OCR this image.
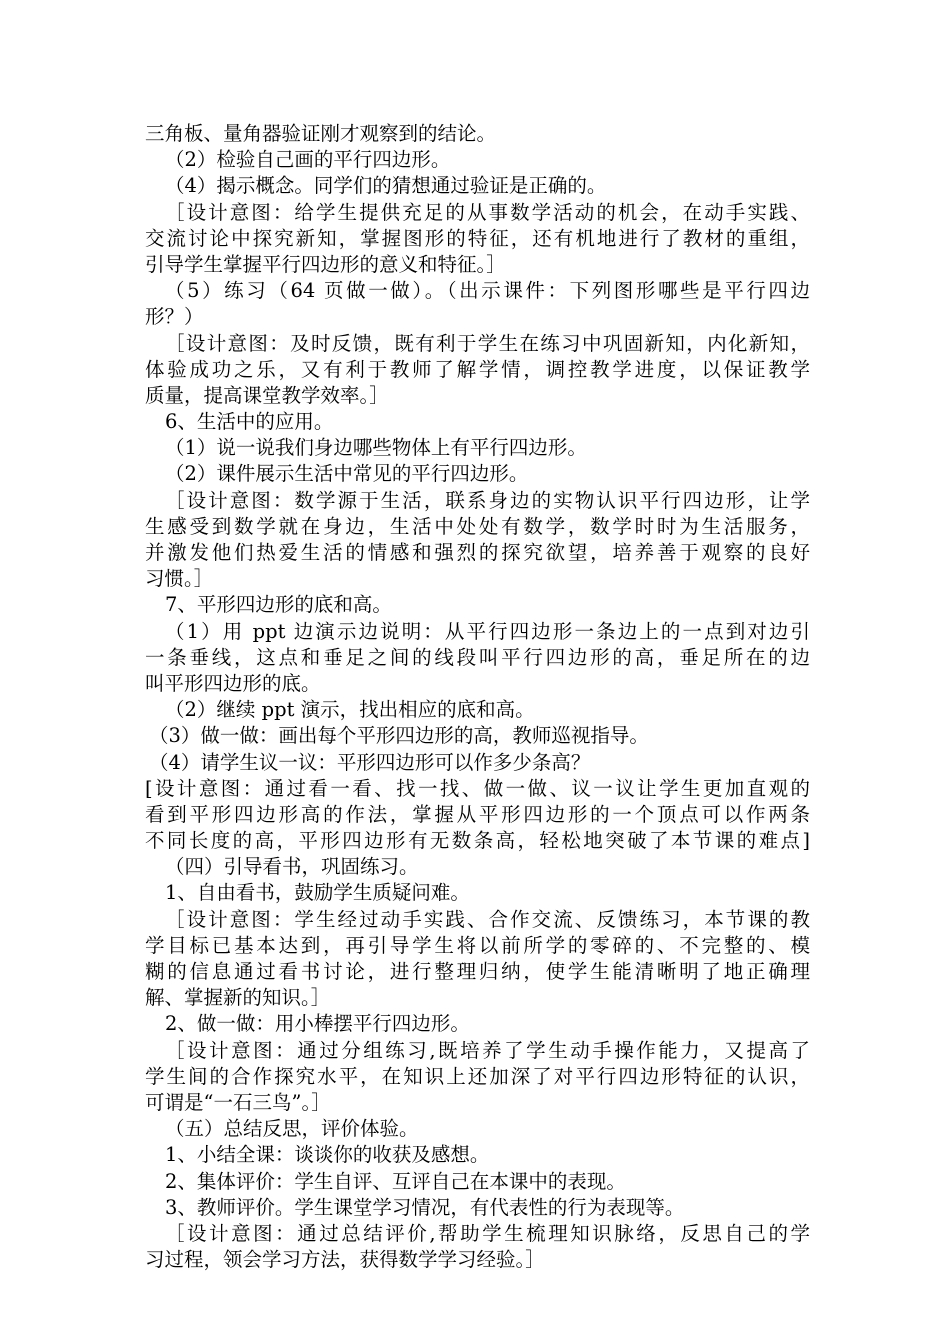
三角板、量角器验证刚才观察到的结论。
（2）检验自己画的平行四边形。
（4）揭示概念。同学们的猜想通过验证是正确的。
［设计意图：给学生提供充足的从事数学活动的机会，在动手实践、
交流讨论中探究新知，掌握图形的特征，还有机地进行了教材的重组，
引导学生掌握平行四边形的意义和特征。］
（5）练习（64 页做一做）。（出示课件：下列图形哪些是平行四边
形？）
［设计意图：及时反馈，既有利于学生在练习中巩固新知，内化新知，
体验成功之乐，又有利于教师了解学情，调控教学进度，以保证教学
质量，提高课堂教学效率。］
6、生活中的应用。
（1）说一说我们身边哪些物体上有平行四边形。
（2）课件展示生活中常见的平行四边形。
［设计意图：数学源于生活，联系身边的实物认识平行四边形，让学
生感受到数学就在身边，生活中处处有数学，数学时时为生活服务，
并激发他们热爱生活的情感和强烈的探究欲望，培养善于观察的良好
习惯。］
7、平形四边形的底和高。
（1）用 ppt 边演示边说明：从平行四边形一条边上的一点到对边引
一条垂线，这点和垂足之间的线段叫平行四边形的高，垂足所在的边
叫平形四边形的底。
（2）继续 ppt 演示，找出相应的底和高。
（3）做一做：画出每个平形四边形的高，教师巡视指导。
（4）请学生议一议：平形四边形可以作多少条高？
[设计意图：通过看一看、找一找、做一做、议一议让学生更加直观的
看到平形四边形高的作法，掌握从平形四边形的一个顶点可以作两条
不同长度的高，平形四边形有无数条高，轻松地突破了本节课的难点]
（四）引导看书，巩固练习。
1、自由看书，鼓励学生质疑问难。
［设计意图：学生经过动手实践、合作交流、反馈练习，本节课的教
学目标已基本达到，再引导学生将以前所学的零碎的、不完整的、模
糊的信息通过看书讨论，进行整理归纳，使学生能清晰明了地正确理
解、掌握新的知识。］
2、做一做：用小棒摆平行四边形。
［设计意图：通过分组练习,既培养了学生动手操作能力，又提高了
学生间的合作探究水平，在知识上还加深了对平行四边形特征的认识，
可谓是“一石三鸟”。］
（五）总结反思，评价体验。
1、小结全课：谈谈你的收获及感想。
2、集体评价：学生自评、互评自己在本课中的表现。
3、教师评价。学生课堂学习情况，有代表性的行为表现等。
［设计意图：通过总结评价,帮助学生梳理知识脉络，反思自己的学
习过程，领会学习方法，获得数学学习经验。］
